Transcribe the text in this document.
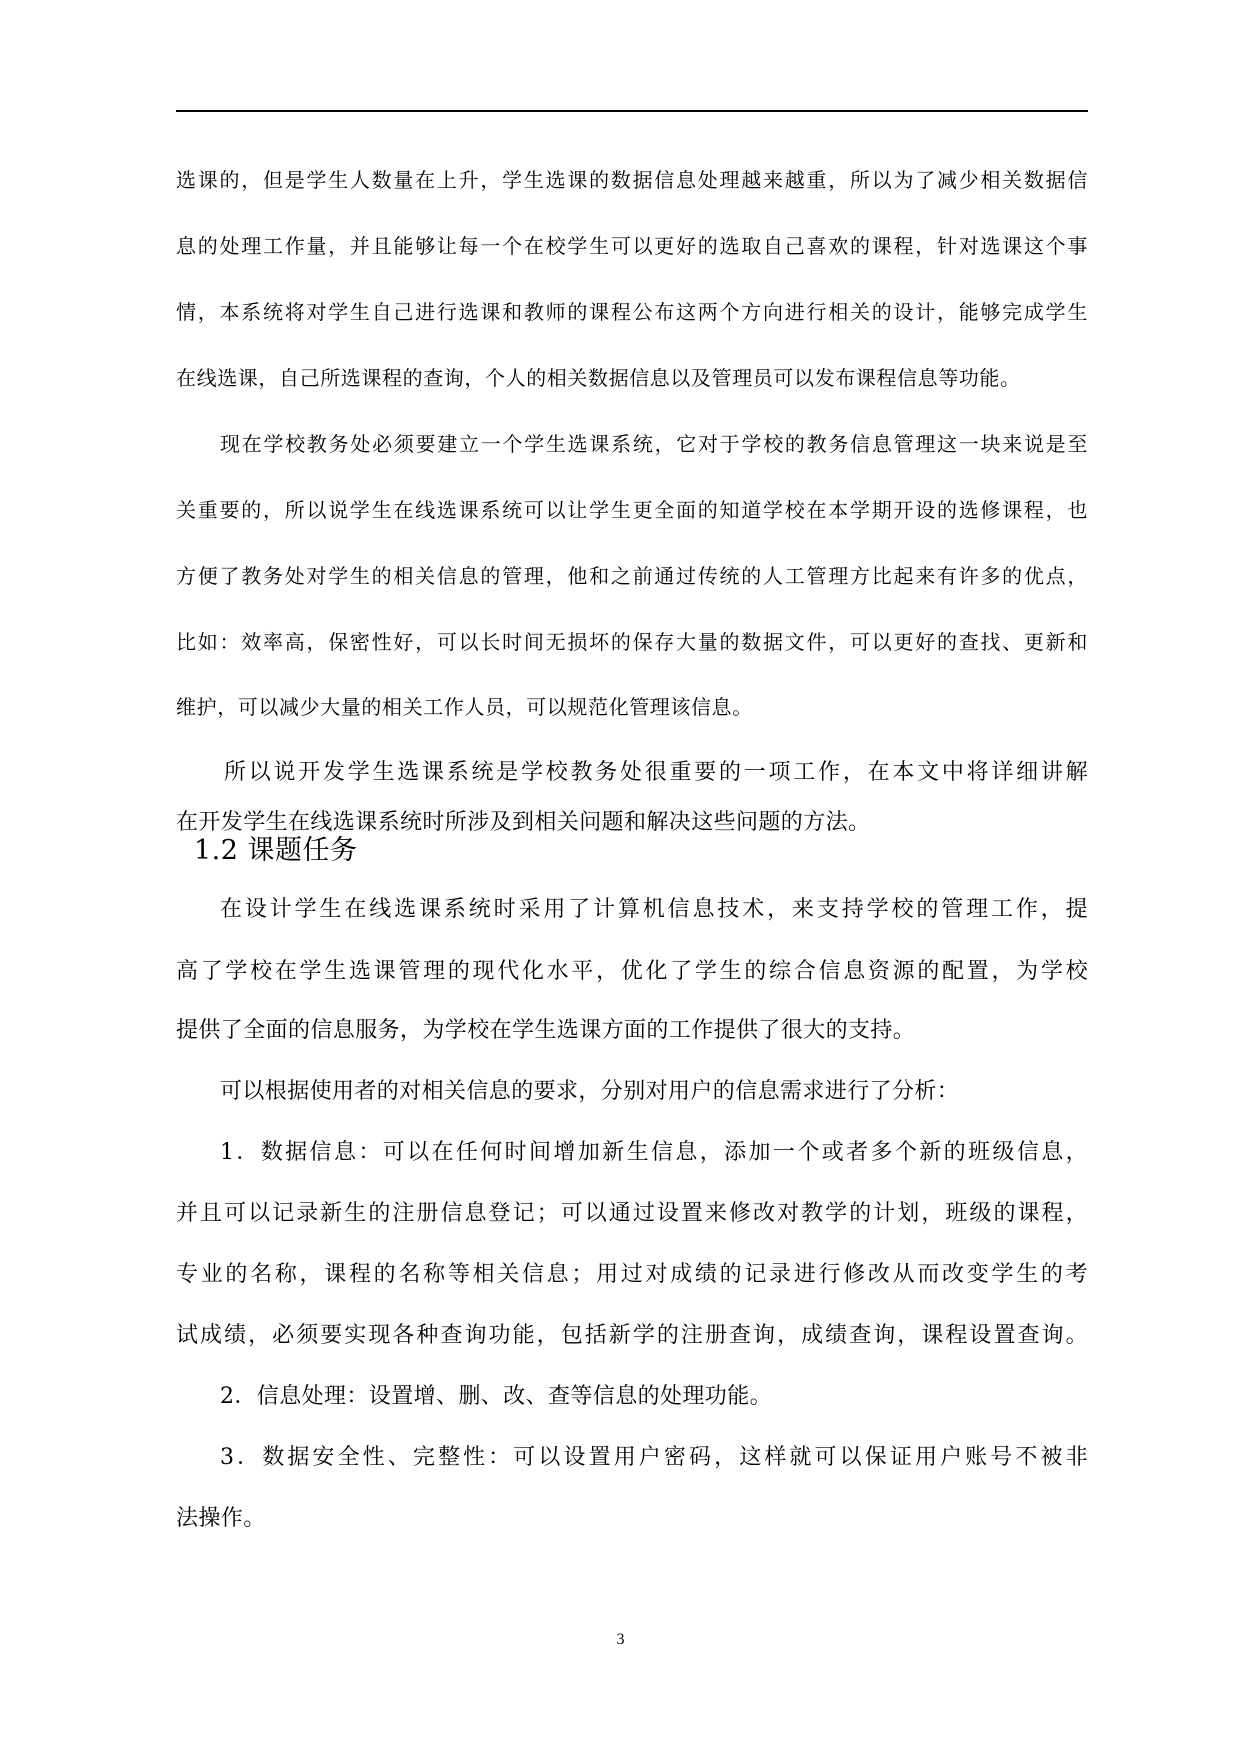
选课的，但是学生人数量在上升，学生选课的数据信息处理越来越重，所以为了减少相关数据信
息的处理工作量，并且能够让每一个在校学生可以更好的选取自己喜欢的课程，针对选课这个事
情，本系统将对学生自己进行选课和教师的课程公布这两个方向进行相关的设计，能够完成学生
在线选课，自己所选课程的查询，个人的相关数据信息以及管理员可以发布课程信息等功能。
现在学校教务处必须要建立一个学生选课系统，它对于学校的教务信息管理这一块来说是至
关重要的，所以说学生在线选课系统可以让学生更全面的知道学校在本学期开设的选修课程，也
方便了教务处对学生的相关信息的管理，他和之前通过传统的人工管理方比起来有许多的优点，
比如：效率高，保密性好，可以长时间无损坏的保存大量的数据文件，可以更好的查找、更新和
维护，可以减少大量的相关工作人员，可以规范化管理该信息。
所以说开发学生选课系统是学校教务处很重要的一项工作，在本文中将详细讲解
在开发学生在线选课系统时所涉及到相关问题和解决这些问题的方法。
1.2 课题任务
在设计学生在线选课系统时采用了计算机信息技术，来支持学校的管理工作，提
高了学校在学生选课管理的现代化水平，优化了学生的综合信息资源的配置，为学校
提供了全面的信息服务，为学校在学生选课方面的工作提供了很大的支持。
可以根据使用者的对相关信息的要求，分别对用户的信息需求进行了分析：
1．数据信息：可以在任何时间增加新生信息，添加一个或者多个新的班级信息，
并且可以记录新生的注册信息登记；可以通过设置来修改对教学的计划，班级的课程，
专业的名称，课程的名称等相关信息；用过对成绩的记录进行修改从而改变学生的考
试成绩，必须要实现各种查询功能，包括新学的注册查询，成绩查询，课程设置查询。
2．信息处理：设置增、删、改、查等信息的处理功能。
3．数据安全性、完整性：可以设置用户密码，这样就可以保证用户账号不被非
法操作。
3
